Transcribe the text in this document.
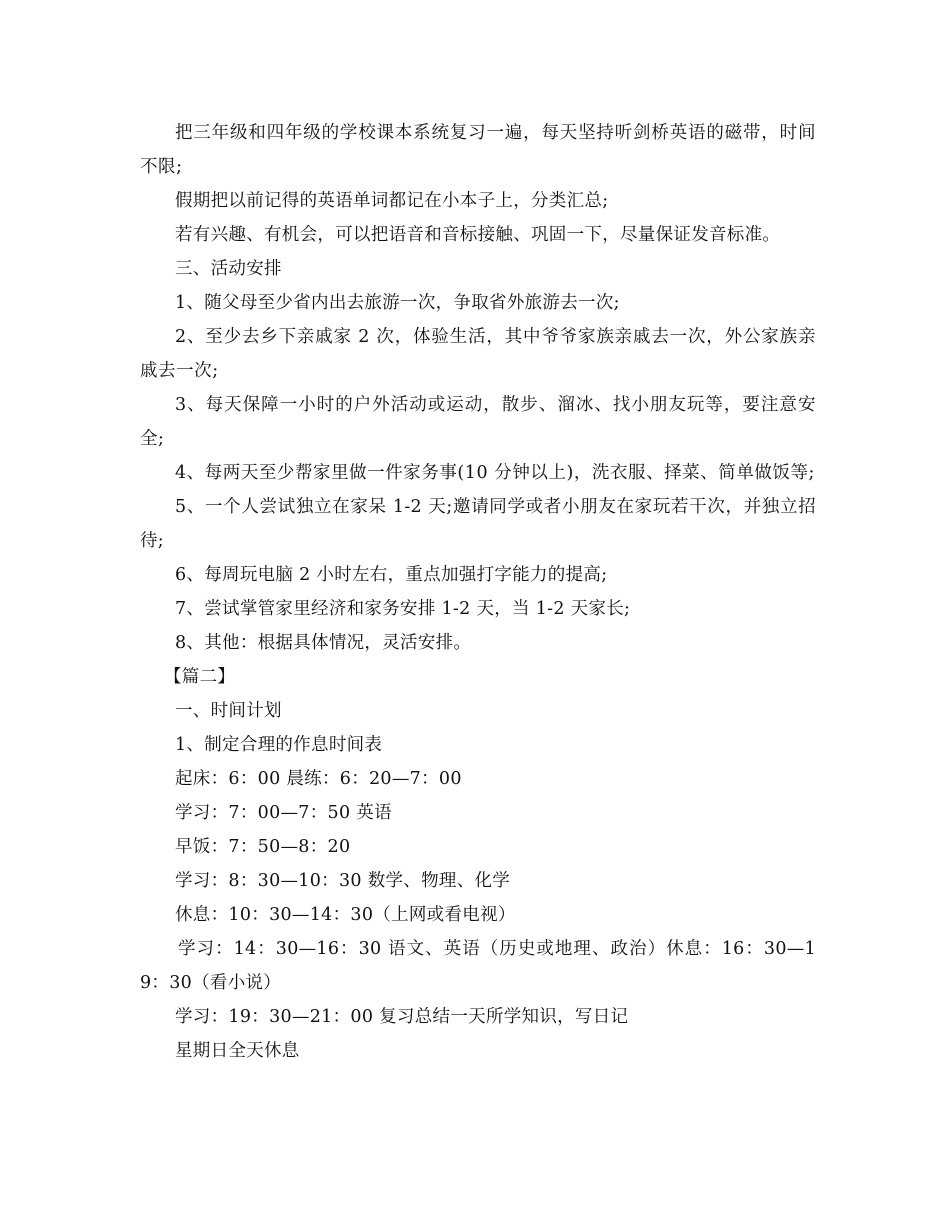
把三年级和四年级的学校课本系统复习一遍，每天坚持听剑桥英语的磁带，时间不限;

假期把以前记得的英语单词都记在小本子上，分类汇总;

若有兴趣、有机会，可以把语音和音标接触、巩固一下，尽量保证发音标准。

三、活动安排

1、随父母至少省内出去旅游一次，争取省外旅游去一次;

2、至少去乡下亲戚家 2 次，体验生活，其中爷爷家族亲戚去一次，外公家族亲戚去一次;

3、每天保障一小时的户外活动或运动，散步、溜冰、找小朋友玩等，要注意安全;

4、每两天至少帮家里做一件家务事(10 分钟以上)，洗衣服、择菜、简单做饭等;

5、一个人尝试独立在家呆 1-2 天;邀请同学或者小朋友在家玩若干次，并独立招待;

6、每周玩电脑 2 小时左右，重点加强打字能力的提高;

7、尝试掌管家里经济和家务安排 1-2 天，当 1-2 天家长;

8、其他：根据具体情况，灵活安排。

【篇二】

一、时间计划

1、制定合理的作息时间表

起床：6：00 晨练：6：20—7：00

学习：7：00—7：50 英语

早饭：7：50—8：20

学习：8：30—10：30 数学、物理、化学

休息：10：30—14：30（上网或看电视）

学习：14：30—16：30 语文、英语（历史或地理、政治）休息：16：30—19：30（看小说）

学习：19：30—21：00 复习总结一天所学知识，写日记

星期日全天休息
